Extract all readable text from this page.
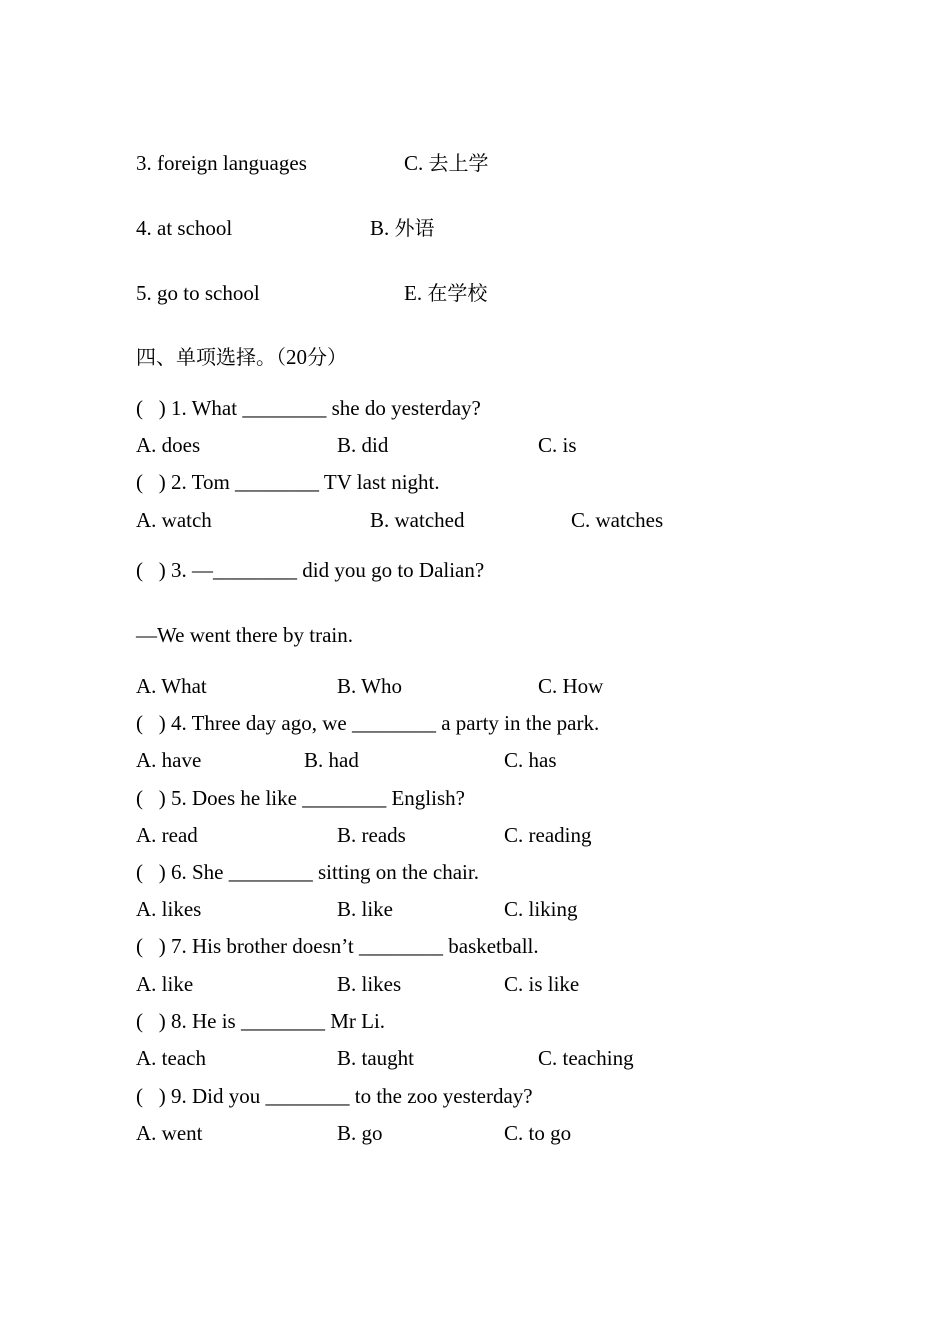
3. foreign languages	C. 去上学
4. at school	B. 外语
5. go to school	E. 在学校
四、单项选择。（20分）
(   ) 1. What ________ she do yesterday?
A. does	B. did	C. is
(   ) 2. Tom ________ TV last night.
A. watch	B. watched	C. watches
(   ) 3. —________ did you go to Dalian?
—We went there by train.
A. What	B. Who	C. How
(   ) 4. Three day ago, we ________ a party in the park.
A. have	B. had	C. has
(   ) 5. Does he like ________ English?
A. read	B. reads	C. reading
(   ) 6. She ________ sitting on the chair.
A. likes	B. like	C. liking
(   ) 7. His brother doesn’t ________ basketball.
A. like	B. likes	C. is like
(   ) 8. He is ________ Mr Li.
A. teach	B. taught	C. teaching
(   ) 9. Did you ________ to the zoo yesterday?
A. went	B. go	C. to go
